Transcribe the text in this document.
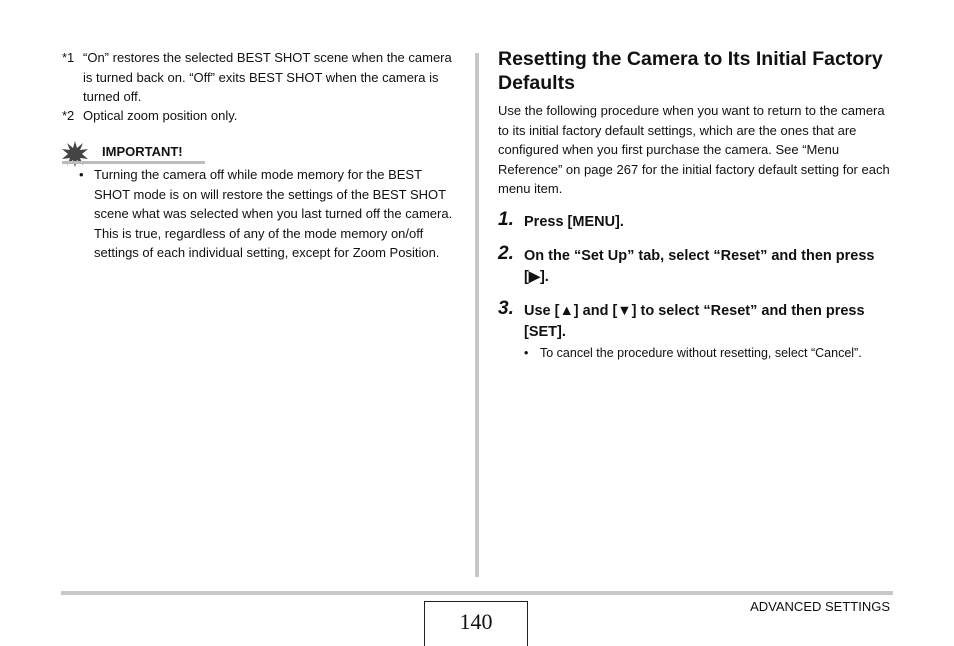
*1 “On” restores the selected BEST SHOT scene when the camera is turned back on. “Off” exits BEST SHOT when the camera is turned off.
*2 Optical zoom position only.
IMPORTANT!
• Turning the camera off while mode memory for the BEST SHOT mode is on will restore the settings of the BEST SHOT scene what was selected when you last turned off the camera. This is true, regardless of any of the mode memory on/off settings of each individual setting, except for Zoom Position.
Resetting the Camera to Its Initial Factory Defaults
Use the following procedure when you want to return to the camera to its initial factory default settings, which are the ones that are configured when you first purchase the camera. See “Menu Reference” on page 267 for the initial factory default setting for each menu item.
1. Press [MENU].
2. On the “Set Up” tab, select “Reset” and then press [▶].
3. Use [▲] and [▼] to select “Reset” and then press [SET].
• To cancel the procedure without resetting, select “Cancel”.
140
ADVANCED SETTINGS
